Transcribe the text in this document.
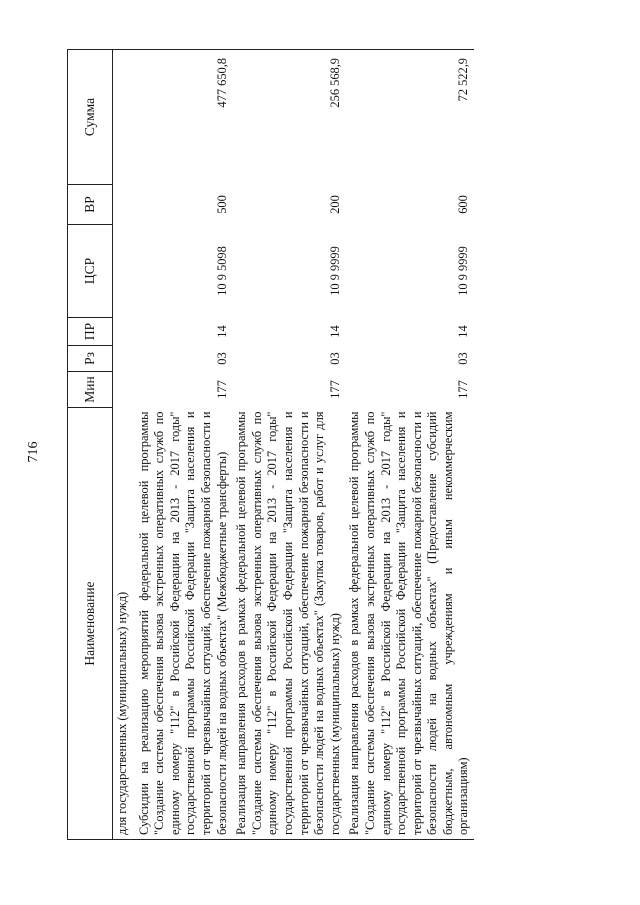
716
Наименование	Мин	Рз	ПР	ЦСР	ВР	Сумма
для государственных (муниципальных) нужд)						
Субсидии на реализацию мероприятий федеральной целевой программы "Создание системы обеспечения вызова экстренных оперативных служб по единому номеру "112" в Российской Федерации на 2013 - 2017 годы" государственной программы Российской Федерации "Защита населения и территорий от чрезвычайных ситуаций, обеспечение пожарной безопасности и безопасности людей на водных объектах" (Межбюджетные трансферты)	177	03	14	10 9 5098	500	477 650,8
Реализация направления расходов в рамках федеральной целевой программы "Создание системы обеспечения вызова экстренных оперативных служб по единому номеру "112" в Российской Федерации на 2013 - 2017 годы" государственной программы Российской Федерации "Защита населения и территорий от чрезвычайных ситуаций, обеспечение пожарной безопасности и безопасности людей на водных объектах" (Закупка товаров, работ и услуг для государственных (муниципальных) нужд)	177	03	14	10 9 9999	200	256 568,9
Реализация направления расходов в рамках федеральной целевой программы "Создание системы обеспечения вызова экстренных оперативных служб по единому номеру "112" в Российской Федерации на 2013 - 2017 годы" государственной программы Российской Федерации "Защита населения и территорий от чрезвычайных ситуаций, обеспечение пожарной безопасности и безопасности людей на водных объектах" (Предоставление субсидий бюджетным, автономным учреждениям и иным некоммерческим организациям)	177	03	14	10 9 9999	600	72 522,9
